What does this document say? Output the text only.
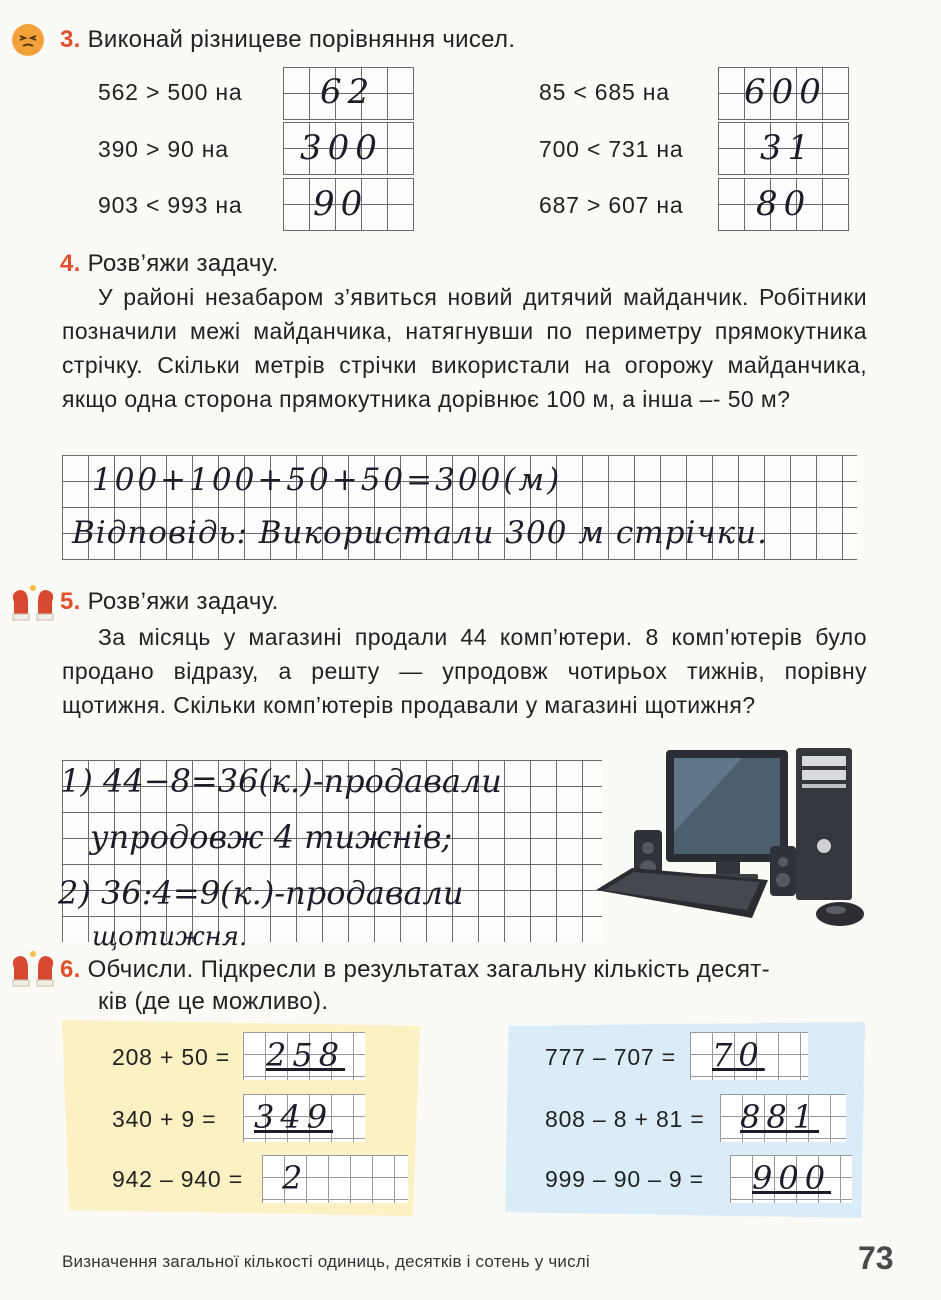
3. Виконай різницеве порівняння чисел.
562 > 500 на 62	85 < 685 на 600
390 > 90 на 300	700 < 731 на 31
903 < 993 на 90	687 > 607 на 80
4. Розв’яжи задачу.
У районі незабаром з’явиться новий дитячий майданчик. Робітники позначили межі майданчика, натягнувши по периметру прямокутника стрічку. Скільки метрів стрічки використали на огорожу майданчика, якщо одна сторона прямокутника дорівнює 100 м, а інша –- 50 м?
100+100+50+50=300(м)
Відповідь: Використали 300 м стрічки.
5. Розв’яжи задачу.
За місяць у магазині продали 44 комп’ютери. 8 комп’ютерів було продано відразу, а решту — упродовж чотирьох тижнів, порівну щотижня. Скільки комп’ютерів продавали у магазині щотижня?
1) 44−8=36(к.)-продавали
упродовж 4 тижнів;
2) 36:4=9(к.)-продавали
щотижня.
6. Обчисли. Підкресли в результатах загальну кількість десят-
ків (де це можливо).
208 + 50 = 258
340 + 9 = 349
942 – 940 = 2
777 – 707 = 70
808 – 8 + 81 = 881
999 – 90 – 9 = 900
Визначення загальної кількості одиниць, десятків і сотень у числі	73
